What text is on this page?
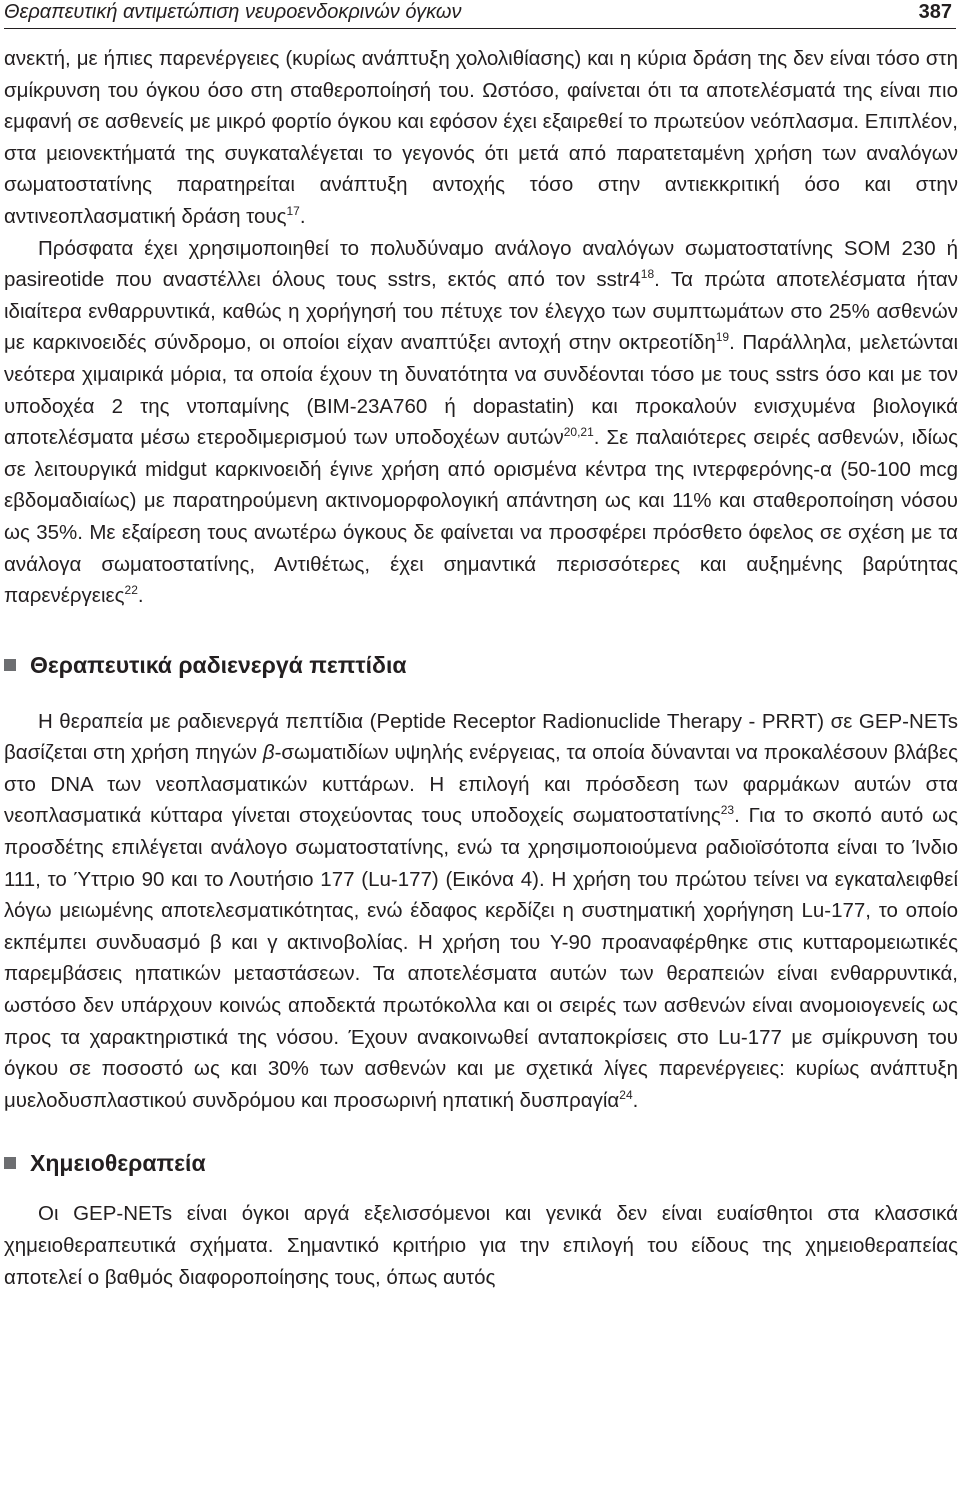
Θεραπευτική αντιμετώπιση νευροενδοκρινών όγκων	387

ανεκτή, με ήπιες παρενέργειες (κυρίως ανάπτυξη χολολιθίασης) και η κύρια δράση της δεν είναι τόσο στη σμίκρυνση του όγκου όσο στη σταθεροποίησή του. Ωστόσο, φαίνεται ότι τα αποτελέσματά της είναι πιο εμφανή σε ασθενείς με μικρό φορτίο όγκου και εφόσον έχει εξαιρεθεί το πρωτεύον νεόπλασμα. Επιπλέον, στα μειονεκτήματά της συγκαταλέγεται το γεγονός ότι μετά από παρατεταμένη χρήση των αναλόγων σωματοστατίνης παρατηρείται ανάπτυξη αντοχής τόσο στην αντιεκκριτική όσο και στην αντινεοπλασματική δράση τους$^{17}$.

Πρόσφατα έχει χρησιμοποιηθεί το πολυδύναμο ανάλογο αναλόγων σωματοστατίνης SOM 230 ή pasireotide που αναστέλλει όλους τους sstrs, εκτός από τον $sstr4^{18}$. Τα πρώτα αποτελέσματα ήταν ιδιαίτερα ενθαρρυντικά, καθώς η χορήγησή του πέτυχε τον έλεγχο των συμπτωμάτων στο 25% ασθενών με καρκινοειδές σύνδρομο, οι οποίοι είχαν αναπτύξει αντοχή στην οκτρεοτίδη$^{19}$. Παράλληλα, μελετώνται νεότερα χιμαιρικά μόρια, τα οποία έχουν τη δυνατότητα να συνδέονται τόσο με τους sstrs όσο και με τον υποδοχέα 2 της ντοπαμίνης (BIM-23A760 ή dopastatin) και προκαλούν ενισχυμένα βιολογικά αποτελέσματα μέσω ετεροδιμερισμού των υποδοχέων αυτών$^{20,21}$. Σε παλαιότερες σειρές ασθενών, ιδίως σε λειτουργικά midgut καρκινοειδή έγινε χρήση από ορισμένα κέντρα της ιντερφερόνης-α (50-100 mcg εβδομαδιαίως) με παρατηρούμενη ακτινομορφολογική απάντηση ως και 11% και σταθεροποίηση νόσου ως 35%. Με εξαίρεση τους ανωτέρω όγκους δε φαίνεται να προσφέρει πρόσθετο όφελος σε σχέση με τα ανάλογα σωματοστατίνης, Αντιθέτως, έχει σημαντικά περισσότερες και αυξημένης βαρύτητας παρενέργειες$^{22}$.

Θεραπευτικά ραδιενεργά πεπτίδια

Η θεραπεία με ραδιενεργά πεπτίδια (Peptide Receptor Radionuclide Therapy - PRRT) σε GEP-NETs βασίζεται στη χρήση πηγών β-σωματιδίων υψηλής ενέργειας, τα οποία δύνανται να προκαλέσουν βλάβες στο DNA των νεοπλασματικών κυττάρων. Η επιλογή και πρόσδεση των φαρμάκων αυτών στα νεοπλασματικά κύτταρα γίνεται στοχεύοντας τους υποδοχείς σωματοστατίνης$^{23}$. Για το σκοπό αυτό ως προσδέτης επιλέγεται ανάλογο σωματοστατίνης, ενώ τα χρησιμοποιούμενα ραδιοϊσότοπα είναι το Ίνδιο 111, το Ύττριο 90 και το Λουτήσιο 177 (Lu-177) (Εικόνα 4). Η χρήση του πρώτου τείνει να εγκαταλειφθεί λόγω μειωμένης αποτελεσματικότητας, ενώ έδαφος κερδίζει η συστηματική χορήγηση Lu-177, το οποίο εκπέμπει συνδυασμό β και γ ακτινοβολίας. Η χρήση του Y-90 προαναφέρθηκε στις κυτταρομειωτικές παρεμβάσεις ηπατικών μεταστάσεων. Τα αποτελέσματα αυτών των θεραπειών είναι ενθαρρυντικά, ωστόσο δεν υπάρχουν κοινώς αποδεκτά πρωτόκολλα και οι σειρές των ασθενών είναι ανομοιογενείς ως προς τα χαρακτηριστικά της νόσου. Έχουν ανακοινωθεί ανταποκρίσεις στο Lu-177 με σμίκρυνση του όγκου σε ποσοστό ως και 30% των ασθενών και με σχετικά λίγες παρενέργειες: κυρίως ανάπτυξη μυελοδυσπλαστικού συνδρόμου και προσωρινή ηπατική δυσπραγία$^{24}$.

Χημειοθεραπεία

Οι GEP-NETs είναι όγκοι αργά εξελισσόμενοι και γενικά δεν είναι ευαίσθητοι στα κλασσικά χημειοθεραπευτικά σχήματα. Σημαντικό κριτήριο για την επιλογή του είδους της χημειοθεραπείας αποτελεί ο βαθμός διαφοροποίησης τους, όπως αυτός
